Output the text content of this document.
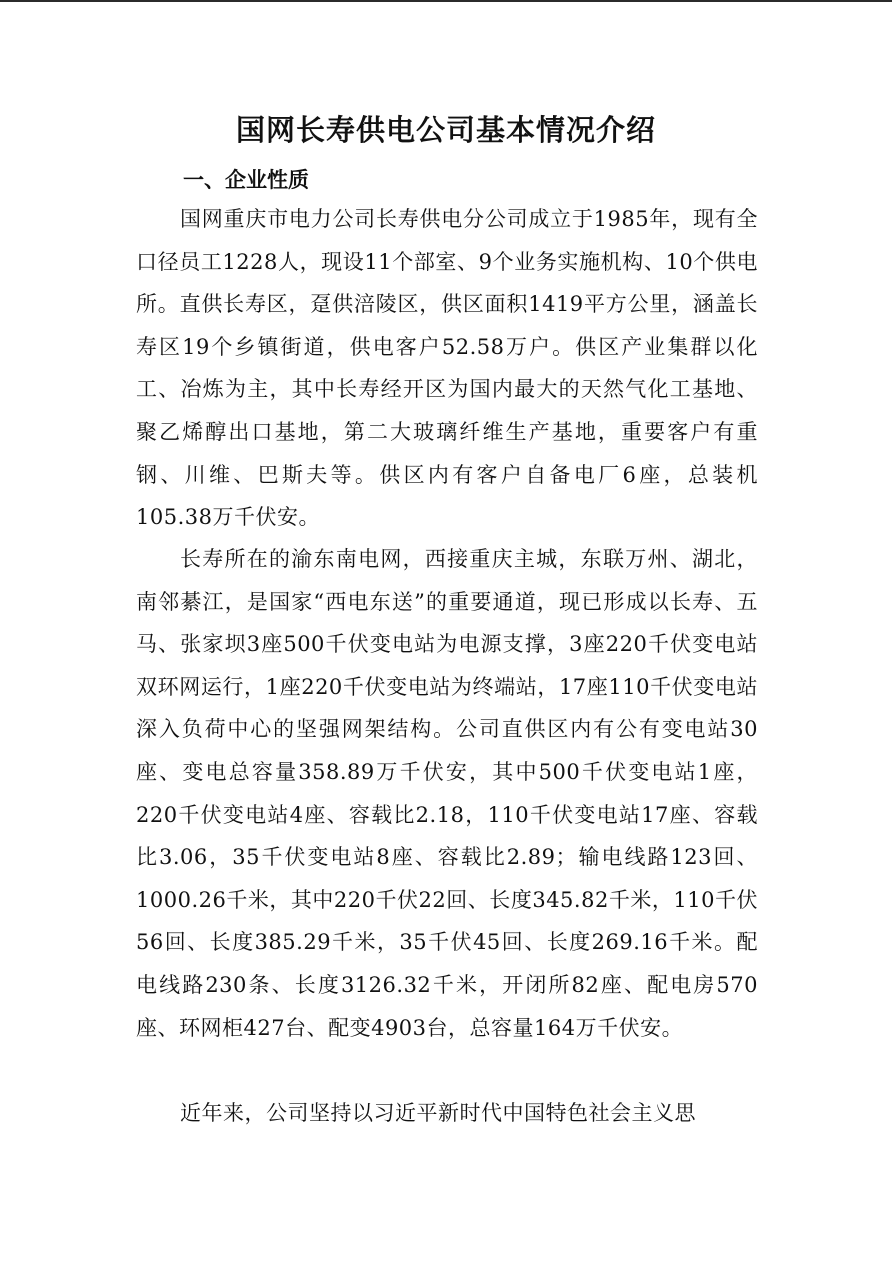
国网长寿供电公司基本情况介绍
一、企业性质

国网重庆市电力公司长寿供电分公司成立于1985年，现有全口径员工1228人，现设11个部室、9个业务实施机构、10个供电所。直供长寿区，趸供涪陵区，供区面积1419平方公里，涵盖长寿区19个乡镇街道，供电客户52.58万户。供区产业集群以化工、冶炼为主，其中长寿经开区为国内最大的天然气化工基地、聚乙烯醇出口基地，第二大玻璃纤维生产基地，重要客户有重钢、川维、巴斯夫等。供区内有客户自备电厂6座，总装机105.38万千伏安。

长寿所在的渝东南电网，西接重庆主城，东联万州、湖北，南邻綦江，是国家“西电东送”的重要通道，现已形成以长寿、五马、张家坝3座500千伏变电站为电源支撑，3座220千伏变电站双环网运行，1座220千伏变电站为终端站，17座110千伏变电站深入负荷中心的坚强网架结构。公司直供区内有公有变电站30座、变电总容量358.89万千伏安，其中500千伏变电站1座，220千伏变电站4座、容载比2.18，110千伏变电站17座、容载比3.06，35千伏变电站8座、容载比2.89；输电线路123回、1000.26千米，其中220千伏22回、长度345.82千米，110千伏56回、长度385.29千米，35千伏45回、长度269.16千米。配电线路230条、长度3126.32千米，开闭所82座、配电房570座、环网柜427台、配变4903台，总容量164万千伏安。

近年来，公司坚持以习近平新时代中国特色社会主义思
